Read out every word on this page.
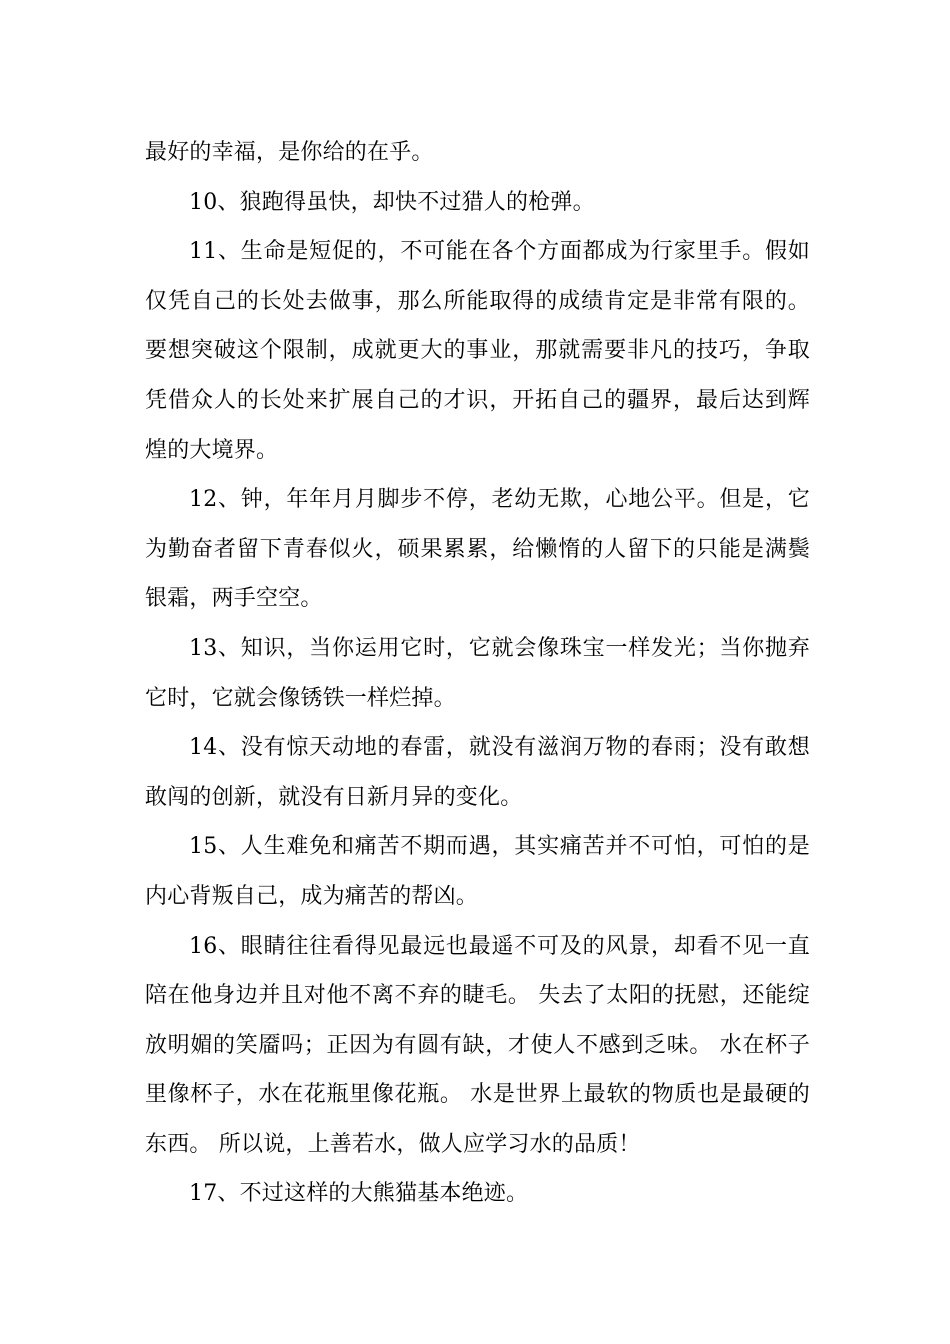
最好的幸福，是你给的在乎。

10、狼跑得虽快，却快不过猎人的枪弹。

11、生命是短促的，不可能在各个方面都成为行家里手。假如仅凭自己的长处去做事，那么所能取得的成绩肯定是非常有限的。要想突破这个限制，成就更大的事业，那就需要非凡的技巧，争取凭借众人的长处来扩展自己的才识，开拓自己的疆界，最后达到辉煌的大境界。

12、钟，年年月月脚步不停，老幼无欺，心地公平。但是，它为勤奋者留下青春似火，硕果累累，给懒惰的人留下的只能是满鬓银霜，两手空空。

13、知识，当你运用它时，它就会像珠宝一样发光；当你抛弃它时，它就会像锈铁一样烂掉。

14、没有惊天动地的春雷，就没有滋润万物的春雨；没有敢想敢闯的创新，就没有日新月异的变化。

15、人生难免和痛苦不期而遇，其实痛苦并不可怕，可怕的是内心背叛自己，成为痛苦的帮凶。

16、眼睛往往看得见最远也最遥不可及的风景，却看不见一直陪在他身边并且对他不离不弃的睫毛。 失去了太阳的抚慰，还能绽放明媚的笑靥吗；正因为有圆有缺，才使人不感到乏味。 水在杯子里像杯子，水在花瓶里像花瓶。 水是世界上最软的物质也是最硬的东西。 所以说，上善若水，做人应学习水的品质！

17、不过这样的大熊猫基本绝迹。
